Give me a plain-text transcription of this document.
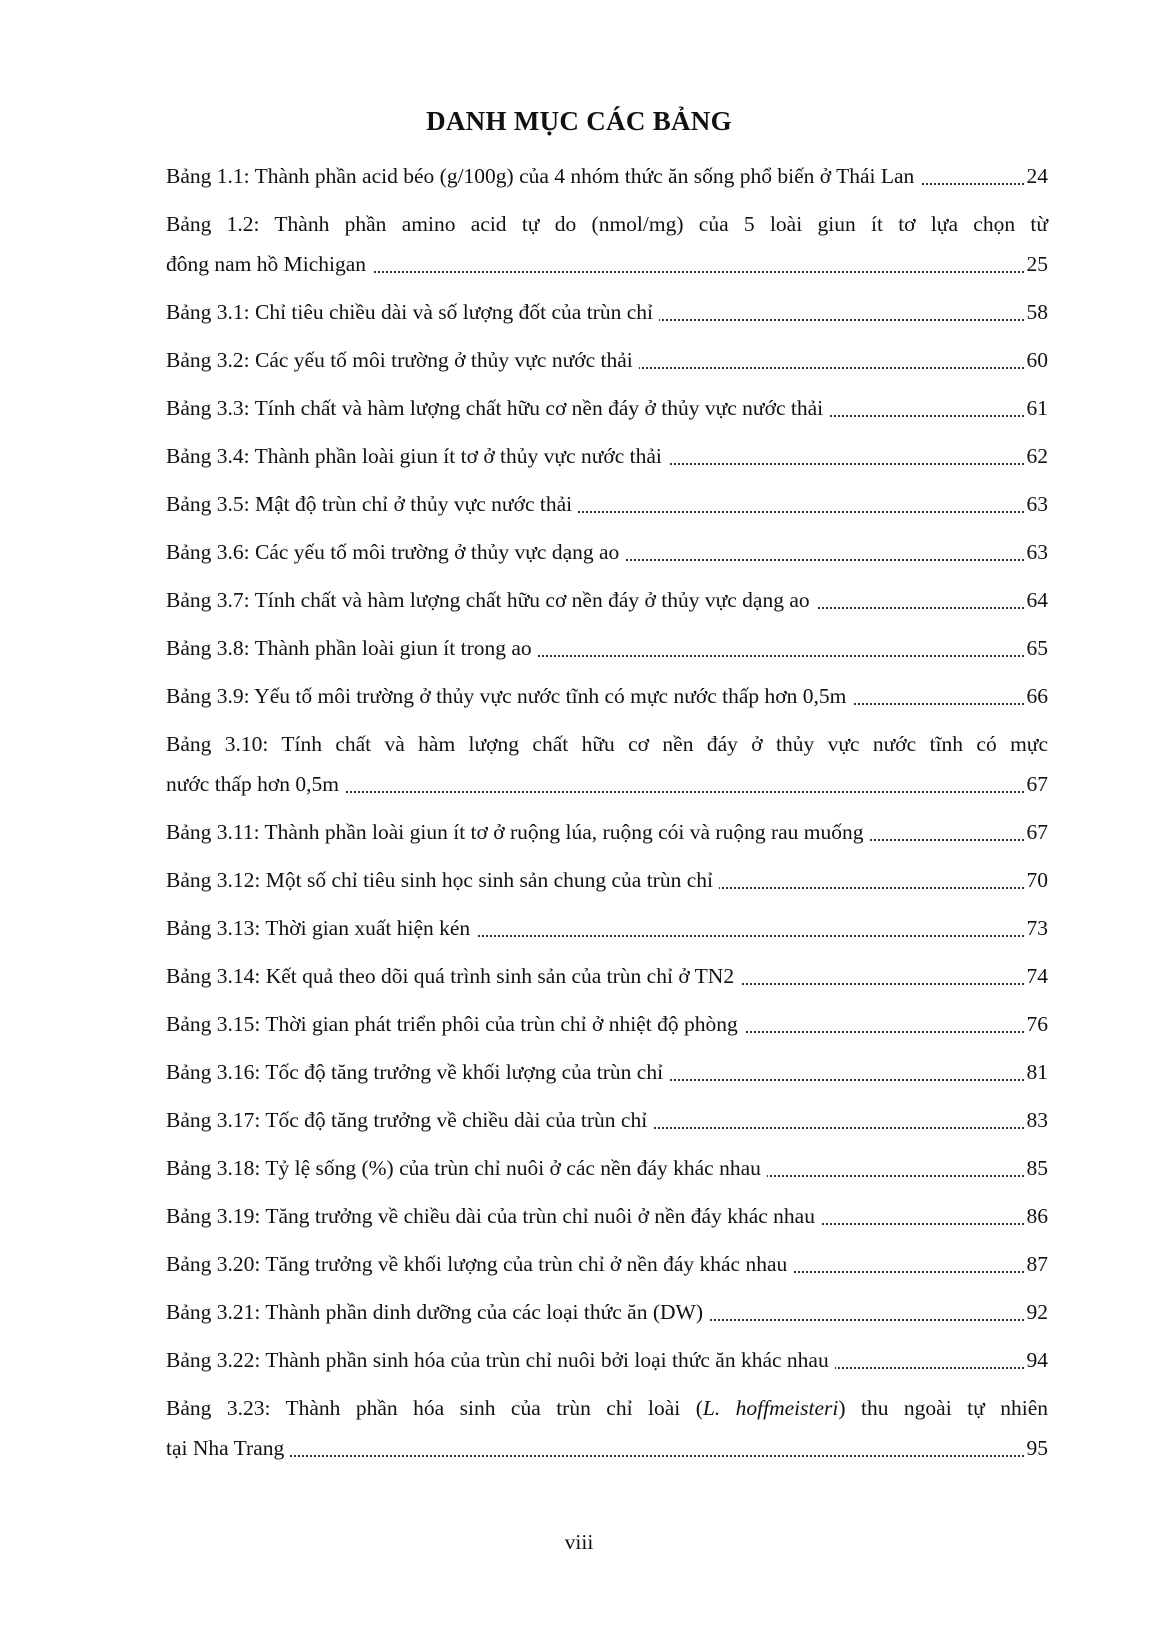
DANH MỤC CÁC BẢNG
Bảng 1.1: Thành phần acid béo (g/100g) của 4 nhóm thức ăn sống phổ biến ở Thái Lan	24
Bảng 1.2: Thành phần amino acid tự do (nmol/mg) của 5 loài giun ít tơ lựa chọn từ
đông nam hồ Michigan	25
Bảng 3.1: Chỉ tiêu chiều dài và số lượng đốt của trùn chỉ	58
Bảng 3.2: Các yếu tố môi trường ở thủy vực nước thải	60
Bảng 3.3: Tính chất và hàm lượng chất hữu cơ nền đáy ở thủy vực nước thải	61
Bảng 3.4: Thành phần loài giun ít tơ ở thủy vực nước thải	62
Bảng 3.5: Mật độ trùn chỉ ở thủy vực nước thải	63
Bảng 3.6: Các yếu tố môi trường ở thủy vực dạng ao	63
Bảng 3.7: Tính chất và hàm lượng chất hữu cơ nền đáy ở thủy vực dạng ao	64
Bảng 3.8: Thành phần loài giun ít trong ao	65
Bảng 3.9: Yếu tố môi trường ở thủy vực nước tĩnh có mực nước thấp hơn 0,5m	66
Bảng 3.10: Tính chất và hàm lượng chất hữu cơ nền đáy ở thủy vực nước tĩnh có mực
nước thấp hơn 0,5m	67
Bảng 3.11: Thành phần loài giun ít tơ ở ruộng lúa, ruộng cói và ruộng rau muống	67
Bảng 3.12: Một số chỉ tiêu sinh học sinh sản chung của trùn chỉ	70
Bảng 3.13: Thời gian xuất hiện kén	73
Bảng 3.14: Kết quả theo dõi quá trình sinh sản của trùn chỉ ở TN2	74
Bảng 3.15: Thời gian phát triển phôi của trùn chỉ ở nhiệt độ phòng	76
Bảng 3.16: Tốc độ tăng trưởng về khối lượng của trùn chỉ	81
Bảng 3.17: Tốc độ tăng trưởng về chiều dài của trùn chỉ	83
Bảng 3.18: Tỷ lệ sống (%) của trùn chỉ nuôi ở các nền đáy khác nhau	85
Bảng 3.19: Tăng trưởng về chiều dài của trùn chỉ nuôi ở nền đáy khác nhau	86
Bảng 3.20: Tăng trưởng về khối lượng của trùn chỉ ở nền đáy khác nhau	87
Bảng 3.21: Thành phần dinh dưỡng của các loại thức ăn (DW)	92
Bảng 3.22: Thành phần sinh hóa của trùn chỉ nuôi bởi loại thức ăn khác nhau	94
Bảng 3.23: Thành phần hóa sinh của trùn chỉ loài (L. hoffmeisteri) thu ngoài tự nhiên
tại Nha Trang	95
viii
